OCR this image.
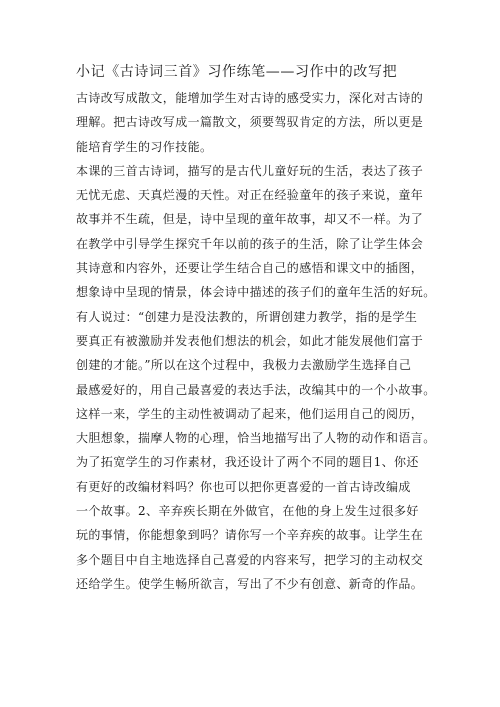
小记《古诗词三首》习作练笔——习作中的改写把
古诗改写成散文，能增加学生对古诗的感受实力，深化对古诗的
理解。把古诗改写成一篇散文，须要驾驭肯定的方法，所以更是
能培育学生的习作技能。
本课的三首古诗词，描写的是古代儿童好玩的生活，表达了孩子
无忧无虑、天真烂漫的天性。对正在经验童年的孩子来说，童年
故事并不生疏，但是，诗中呈现的童年故事，却又不一样。为了
在教学中引导学生探究千年以前的孩子的生活，除了让学生体会
其诗意和内容外，还要让学生结合自己的感悟和课文中的插图，
想象诗中呈现的情景，体会诗中描述的孩子们的童年生活的好玩。
有人说过：“创建力是没法教的，所谓创建力教学，指的是学生
要真正有被激励并发表他们想法的机会，如此才能发展他们富于
创建的才能。”所以在这个过程中，我极力去激励学生选择自己
最感爱好的，用自己最喜爱的表达手法，改编其中的一个小故事。
这样一来，学生的主动性被调动了起来，他们运用自己的阅历，
大胆想象，揣摩人物的心理，恰当地描写出了人物的动作和语言。
为了拓宽学生的习作素材，我还设计了两个不同的题目1、你还
有更好的改编材料吗？你也可以把你更喜爱的一首古诗改编成
一个故事。2、辛弃疾长期在外做官，在他的身上发生过很多好
玩的事情，你能想象到吗？请你写一个辛弃疾的故事。让学生在
多个题目中自主地选择自己喜爱的内容来写，把学习的主动权交
还给学生。使学生畅所欲言，写出了不少有创意、新奇的作品。
